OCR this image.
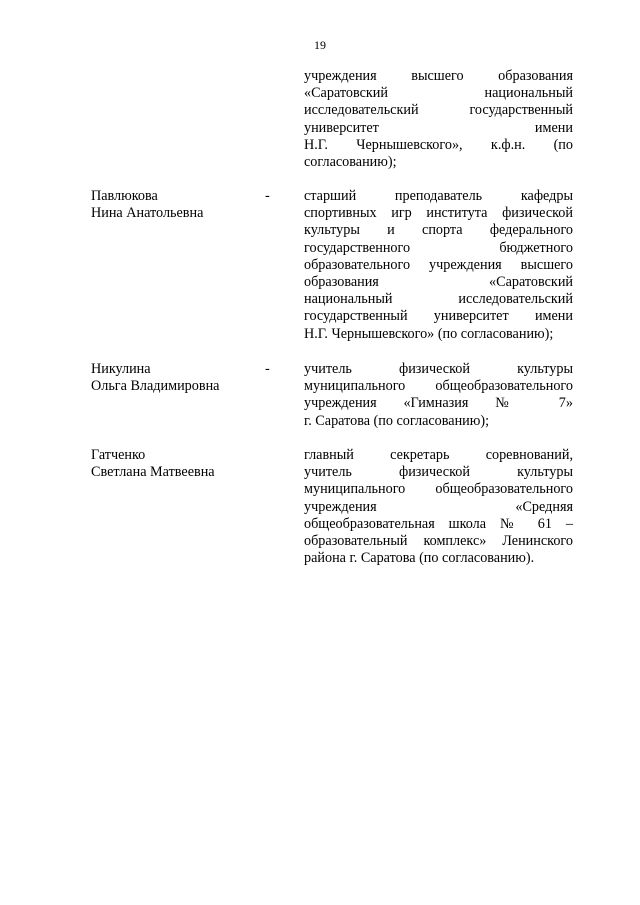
19
учреждения высшего образования
«Саратовский национальный
исследовательский государственный
университет имени
Н.Г. Чернышевского», к.ф.н. (по
согласованию);
Павлюкова
Нина Анатольевна
- старший преподаватель кафедры
спортивных игр института физической
культуры и спорта федерального
государственного бюджетного
образовательного учреждения высшего
образования «Саратовский
национальный исследовательский
государственный университет имени
Н.Г. Чернышевского» (по согласованию);
Никулина
Ольга Владимировна
- учитель физической культуры
муниципального общеобразовательного
учреждения «Гимназия № 7»
г. Саратова (по согласованию);
Гатченко
Светлана Матвеевна
главный секретарь соревнований,
учитель физической культуры
муниципального общеобразовательного
учреждения «Средняя
общеобразовательная школа № 61 –
образовательный комплекс» Ленинского
района г. Саратова (по согласованию).
